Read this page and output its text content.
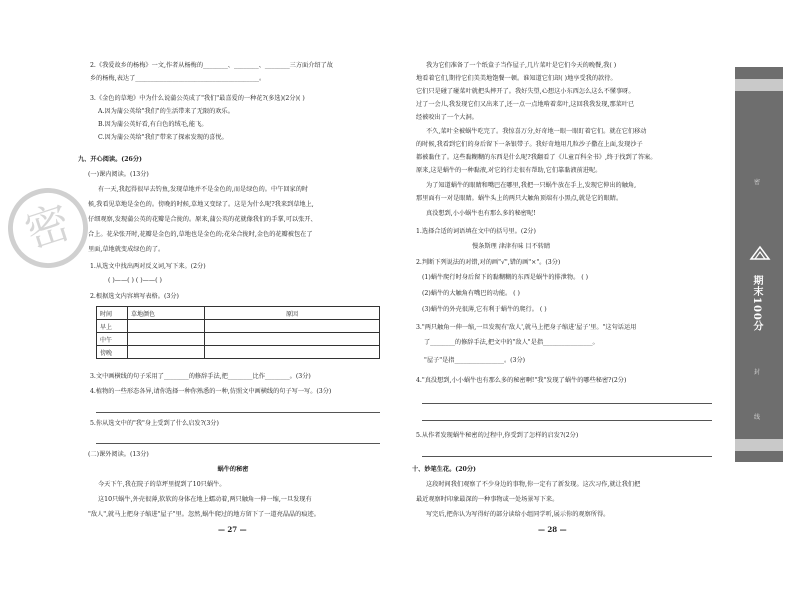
2.《我爱故乡的杨梅》一文,作者从杨梅的________、________、________三方面介绍了故
乡的杨梅,表达了________________________________________。
3.《金色的草地》中为什么说蒲公英成了"我们"最喜爱的一种花?(多选)(2分)( )
A.因为蒲公英给"我们"的生活带来了无限的欢乐。
B.因为蒲公英好看,有白色的绒毛,能飞。
C.因为蒲公英给"我们"带来了探索发现的喜悦。
九、开心阅读。(26分)
(一)课内阅读。(13分)
有一天,我起得很早去钓鱼,发现草地并不是金色的,而是绿色的。中午回家的时
候,我看见草地是金色的。傍晚的时候,草地又变绿了。这是为什么呢?我来到草地上,
仔细观察,发现蒲公英的花瓣是合拢的。原来,蒲公英的花就像我们的手掌,可以张开、
合上。花朵张开时,花瓣是金色的,草地也是金色的;花朵合拢时,金色的花瓣被包在了
里面,草地就变成绿色的了。
1.从选文中找出两对反义词,写下来。(2分)
( )——( ) ( )——( )
2.根据选文内容填写表格。(3分)
时间	草地颜色	原因
早上		
中午		
傍晚		
3.文中画横线的句子采用了________的修辞手法,把________比作________。(3分)
4.植物的一些形态各异,请你选择一种你熟悉的一种,仿照文中画横线的句子写一写。(3分)
5.你从选文中的"我"身上受到了什么启发?(3分)
(二)课外阅读。(13分)
蜗牛的秘密
今天下午,我在院子的草坪里捉到了10只蜗牛。
这10只蜗牛,外壳很薄,软软的身体在地上蠕动着,两只触角一伸一缩,一旦发现有
"敌人",就马上把身子缩进"屋子"里。忽然,蜗牛爬过的地方留下了一道亮晶晶的痕迹。
— 27 —
我为它们准备了一个纸盒子当作屋子,几片菜叶是它们今天的晚餐,我( )
地看着它们,期待它们美美地饱餐一顿。谁知道它们却( )地享受我的款待。
它们只是碰了碰菜叶就把头摔开了。我好失望,心想这小东西怎么这么不懂事呀。
过了一会儿,我发现它们又出来了,还一点一点地啃着菜叶,这回我我发现,那菜叶已
经被咬出了一个大洞。
不久,菜叶全被蜗牛吃完了。我惊喜万分,好奇地一眼一眼盯着它们。就在它们移动
的时候,我看到它们的身后留下一条银带子。我好奇地用几粒沙子撒在上面,发现沙子
都被黏住了。这些黏糊糊的东西是什么呢?我翻看了《儿童百科全书》,终于找到了答案。
原来,这是蜗牛的一种黏液,对它的行走很有帮助,它们靠黏液前进呢。
为了知道蜗牛的眼睛和嘴巴在哪里,我把一只蜗牛放在手上,发现它伸出的触角,
那里面有一对是眼睛。蜗牛头上的两只大触角顶端有小黑点,就是它的眼睛。
真没想到,小小蜗牛也有那么多的秘密呢!
1.选择合适的词语填在文中的括号里。(2分)
慢条斯理 津津有味 目不转睛
2.判断下列说法的对错,对的画"√",错的画"×"。(3分)
(1)蜗牛爬行时身后留下的黏糊糊的东西是蜗牛的排泄物。 ( )
(2)蜗牛的大触角有嘴巴的功能。 ( )
(3)蜗牛的外壳很薄,它有利于蜗牛的爬行。 ( )
3."两只触角一伸一缩,一旦发现有'敌人',就马上把身子缩进'屋子'里。"这句话运用
了________的修辞手法,把文中的"敌人"是指________________。
"屋子"是指________________。(3分)
4."真没想到,小小蜗牛也有那么多的秘密啊!"我"发现了蜗牛的哪些秘密?(2分)
5.从作者发现蜗牛秘密的过程中,你受到了怎样的启发?(2分)
十、妙笔生花。(20分)
这段时间我们观察了不少身边的事物,你一定有了新发现。这次习作,就让我们把
最近观察时印象最深的一种事物或一处场景写下来。
写完后,把你认为写得好的部分读给小组同学听,展示你的观察所得。
— 28 —
密
密
封
线
期末100分
